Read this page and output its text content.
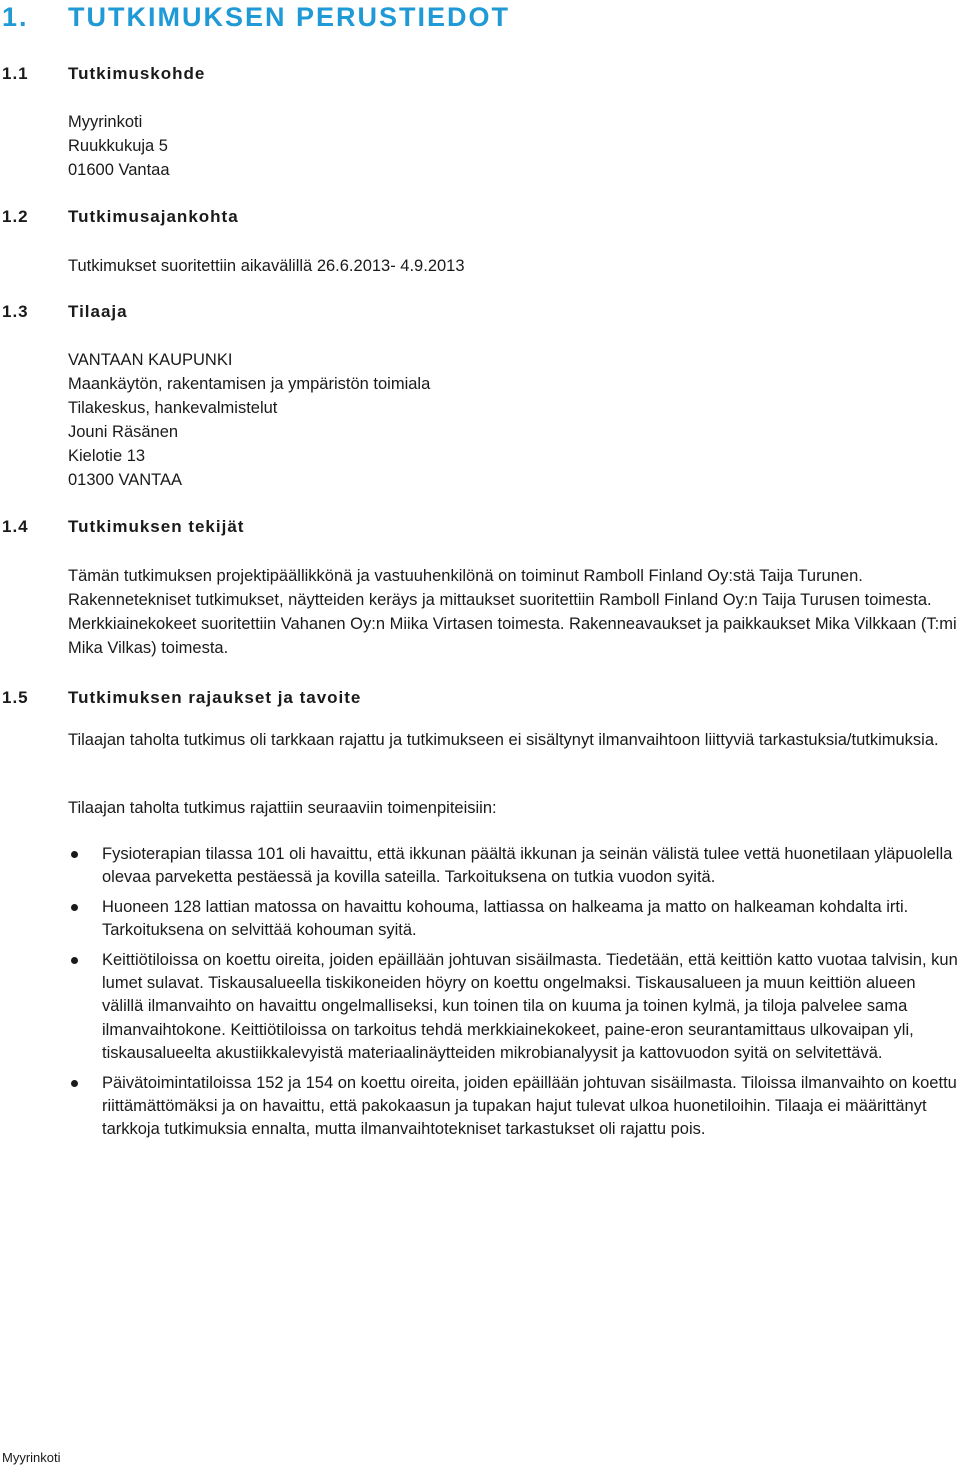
1. TUTKIMUKSEN PERUSTIEDOT
1.1 Tutkimuskohde
Myyrinkoti
Ruukkukuja 5
01600 Vantaa
1.2 Tutkimusajankohta
Tutkimukset suoritettiin aikavälillä 26.6.2013- 4.9.2013
1.3 Tilaaja
VANTAAN KAUPUNKI
Maankäytön, rakentamisen ja ympäristön toimiala
Tilakeskus, hankevalmistelut
Jouni Räsänen
Kielotie 13
01300 VANTAA
1.4 Tutkimuksen tekijät
Tämän tutkimuksen projektipäällikkönä ja vastuuhenkilönä on toiminut Ramboll Finland Oy:stä Taija Turunen. Rakennetekniset tutkimukset, näytteiden keräys ja mittaukset suoritettiin Ramboll Finland Oy:n Taija Turusen toimesta. Merkkiainekokeet suoritettiin Vahanen Oy:n Miika Virtasen toimesta. Rakenneavaukset ja paikkaukset Mika Vilkkaan (T:mi Mika Vilkas) toimesta.
1.5 Tutkimuksen rajaukset ja tavoite
Tilaajan taholta tutkimus oli tarkkaan rajattu ja tutkimukseen ei sisältynyt ilmanvaihtoon liittyviä tarkastuksia/tutkimuksia.
Tilaajan taholta tutkimus rajattiin seuraaviin toimenpiteisiin:
Fysioterapian tilassa 101 oli havaittu, että ikkunan päältä ikkunan ja seinän välistä tulee vettä huonetilaan yläpuolella olevaa parveketta pestäessä ja kovilla sateilla. Tarkoituksena on tutkia vuodon syitä.
Huoneen 128 lattian matossa on havaittu kohouma, lattiassa on halkeama ja matto on halkeaman kohdalta irti. Tarkoituksena on selvittää kohouman syitä.
Keittiötiloissa on koettu oireita, joiden epäillään johtuvan sisäilmasta. Tiedetään, että keittiön katto vuotaa talvisin, kun lumet sulavat. Tiskausalueella tiskikoneiden höyry on koettu ongelmaksi. Tiskausalueen ja muun keittiön alueen välillä ilmanvaihto on havaittu ongelmalliseksi, kun toinen tila on kuuma ja toinen kylmä, ja tiloja palvelee sama ilmanvaihtokone. Keittiötiloissa on tarkoitus tehdä merkkiainekokeet, paine-eron seurantamittaus ulkovaipan yli, tiskausalueelta akustiikkalevyistä materiaalinäytteiden mikrobianalyysit ja kattovuodon syitä on selvitettävä.
Päivätoimintatiloissa 152 ja 154 on koettu oireita, joiden epäillään johtuvan sisäilmasta. Tiloissa ilmanvaihto on koettu riittämättömäksi ja on havaittu, että pakokaasun ja tupakan hajut tulevat ulkoa huonetiloihin. Tilaaja ei määrittänyt tarkkoja tutkimuksia ennalta, mutta ilmanvaihtotekniset tarkastukset oli rajattu pois.
Myyrinkoti
